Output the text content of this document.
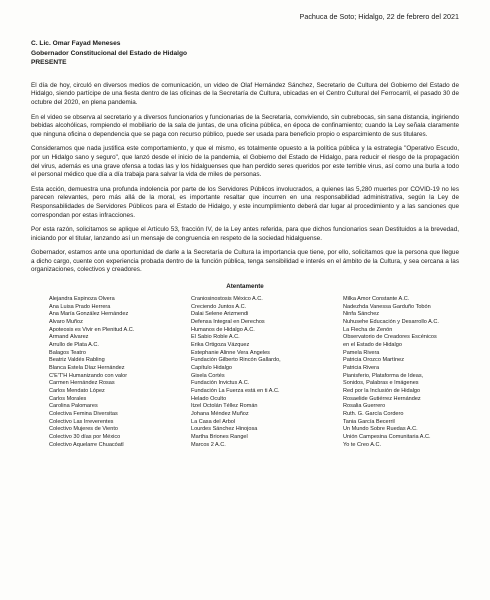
Pachuca de Soto; Hidalgo, 22 de febrero del 2021
C. Lic. Omar Fayad Meneses
Gobernador Constitucional del Estado de Hidalgo
PRESENTE

El día de hoy, circuló en diversos medios de comunicación, un video de Olaf Hernández Sánchez, Secretario de Cultura del Gobierno del Estado de Hidalgo, siendo partícipe de una fiesta dentro de las oficinas de la Secretaría de Cultura, ubicadas en el Centro Cultural del Ferrocarril, el pasado 30 de octubre del 2020, en plena pandemia.

En el video se observa al secretario y a diversos funcionarios y funcionarias de la Secretaría, conviviendo, sin cubrebocas, sin sana distancia, ingiriendo bebidas alcohólicas, rompiendo el mobiliario de la sala de juntas, de una oficina pública, en época de confinamiento; cuando la Ley señala claramente que ninguna oficina o dependencia que se paga con recurso público, puede ser usada para beneficio propio o esparcimiento de sus titulares.

Consideramos que nada justifica este comportamiento, y que el mismo, es totalmente opuesto a la política pública y la estrategia "Operativo Escudo, por un Hidalgo sano y seguro", que lanzó desde el inicio de la pandemia, el Gobierno del Estado de Hidalgo, para reducir el riesgo de la propagación del virus, además es una grave ofensa a todas las y los hidalguenses que han perdido seres queridos por este terrible virus, así como una burla a todo el personal médico que día a día trabaja para salvar la vida de miles de personas.

Esta acción, demuestra una profunda indolencia por parte de los Servidores Públicos involucrados, a quienes las 5,280 muertes por COVID-19 no les parecen relevantes, pero más allá de la moral, es importante resaltar que incurren en una responsabilidad administrativa, según la Ley de Responsabilidades de Servidores Públicos para el Estado de Hidalgo, y este incumplimiento deberá dar lugar al procedimiento y a las sanciones que correspondan por estas infracciones.

Por esta razón, solicitamos se aplique el Artículo 53, fracción IV, de la Ley antes referida, para que dichos funcionarios sean Destituidos a la brevedad, iniciando por el titular, lanzando así un mensaje de congruencia en respeto de la sociedad hidalguense.

Gobernador, estamos ante una oportunidad de darle a la Secretaría de Cultura la importancia que tiene, por ello, solicitamos que la persona que llegue a dicho cargo, cuente con experiencia probada dentro de la función pública, tenga sensibilidad e interés en el ámbito de la Cultura, y sea cercana a las organizaciones, colectivos y creadores.

Atentamente
Alejandra Espinoza Olvera
Ana Luisa Prado Herrera
Ana María González Hernández
Álvaro Muñoz
Apoteosis es Vivir en Plenitud A.C.
Armand Álvarez
Arrullo de Plata A.C.
Balagos Teatro
Beatriz Valdés Rabling
Blanca Estela Díaz Hernández
C'E'T'H Humanizando con valor
Carmen Hernández Rosas
Carlos Mendato López
Carlos Morales
Carolina Palomares
Colectiva Femina Diversitas
Colectivo Las Irreverentes
Colectivo Mujeres de Viento
Colectivo 30 días por México
Colectivo Aquelarre Chuacóatl
Craniosinostosis México A.C.
Creciendo Juntos A.C.
Dalai Selene Arizmendi
Defensa Integral en Derechos
Humanos de Hidalgo A.C.
El Sabio Roble A.C.
Erika Ortigoza Vázquez
Estephanie Alinne Vera Ángeles
Fundación Gilberto Rincón Gallardo,
Capítulo Hidalgo
Gisela Cortés
Fundación Invictus A.C.
Fundación La Fuerza está en ti A.C.
Helado Oculto
Itzel Octolán Téllez Román
Johana Méndez Muñoz
La Casa del Árbol
Lourdes Sánchez Hinojosa
Martha Briones Rangel
Marcos 2 A.C.
Milka Amor Constante A.C.
Nadezhda Vanessa Garduño Tobón
Ninfa Sánchez
Nuhusehe Educación y Desarrollo A.C.
La Flecha de Zenón
Observatorio de Creadores Escénicos
en el Estado de Hidalgo
Pamela Rivera
Patricia Orozco Martínez
Patricia Rivera
Pianisferio, Plataforma de Ideas,
Sonidos, Palabras e Imágenes
Red por la Inclusión de Hidalgo
Rosaelide Gutiérrez Hernández
Rosalia Guerrero
Ruth. G. García Cordero
Tania García Becerril
Un Mundo Sobre Ruedas A.C.
Unión Campesina Comunitaria A.C.
Yo te Creo A.C.
